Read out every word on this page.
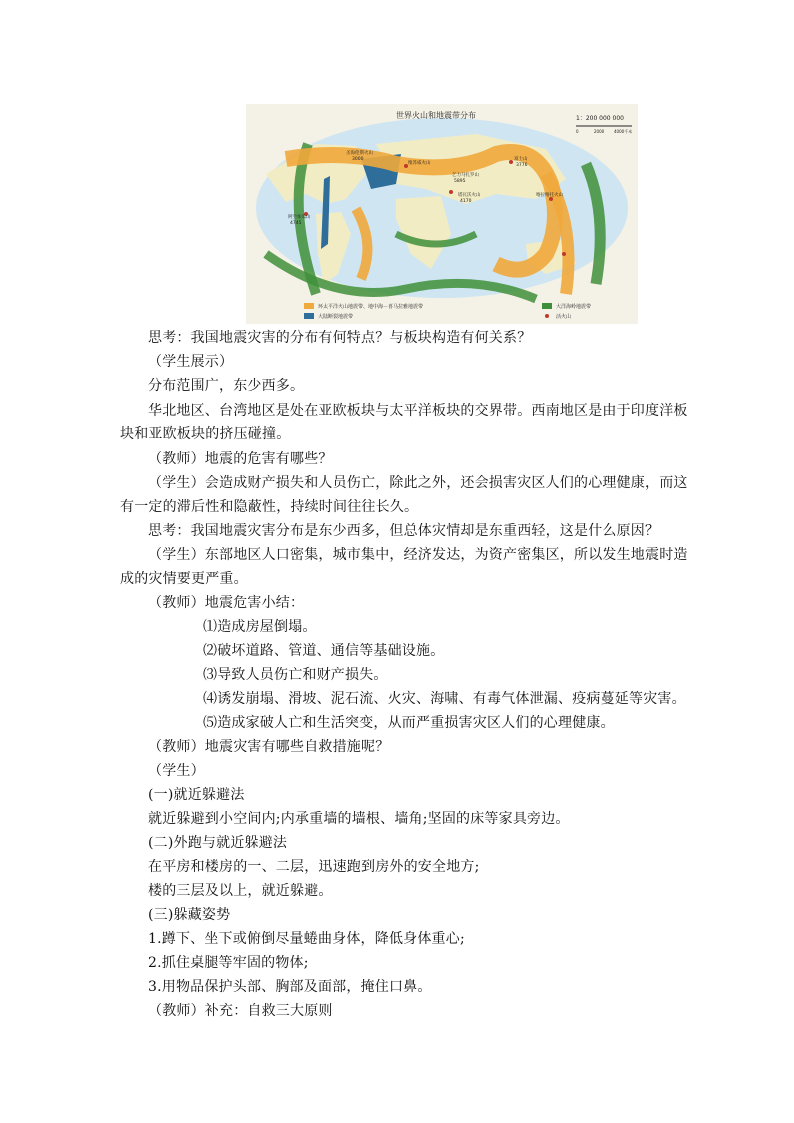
世界火山和地震带分布	1：200 000 000
0	2000 4000千米
圣海伦斯火山
3000
维苏威火山
乞力马扎罗山
5895
富士山
3776
塔瓦沃火山
4170
喀拉喀托火山
阿空加瓜山
4745
环太平洋火山地震带、地中海－喜马拉雅地震带
大陆断裂地震带
大洋海岭地震带
活火山
思考：我国地震灾害的分布有何特点？与板块构造有何关系？
（学生展示）
分布范围广，东少西多。
华北地区、台湾地区是处在亚欧板块与太平洋板块的交界带。西南地区是由于印度洋板
块和亚欧板块的挤压碰撞。
（教师）地震的危害有哪些？
（学生）会造成财产损失和人员伤亡，除此之外，还会损害灾区人们的心理健康，而这
有一定的滞后性和隐蔽性，持续时间往往长久。
思考：我国地震灾害分布是东少西多，但总体灾情却是东重西轻，这是什么原因？
（学生）东部地区人口密集，城市集中，经济发达，为资产密集区，所以发生地震时造
成的灾情要更严重。
（教师）地震危害小结：
⑴造成房屋倒塌。
⑵破坏道路、管道、通信等基础设施。
⑶导致人员伤亡和财产损失。
⑷诱发崩塌、滑坡、泥石流、火灾、海啸、有毒气体泄漏、疫病蔓延等灾害。
⑸造成家破人亡和生活突变，从而严重损害灾区人们的心理健康。
（教师）地震灾害有哪些自救措施呢？
（学生）
(一)就近躲避法
就近躲避到小空间内;内承重墙的墙根、墙角;坚固的床等家具旁边。
(二)外跑与就近躲避法
在平房和楼房的一、二层，迅速跑到房外的安全地方;
楼的三层及以上，就近躲避。
(三)躲藏姿势
1.蹲下、坐下或俯倒尽量蜷曲身体，降低身体重心;
2.抓住桌腿等牢固的物体;
3.用物品保护头部、胸部及面部，掩住口鼻。
（教师）补充：自救三大原则
